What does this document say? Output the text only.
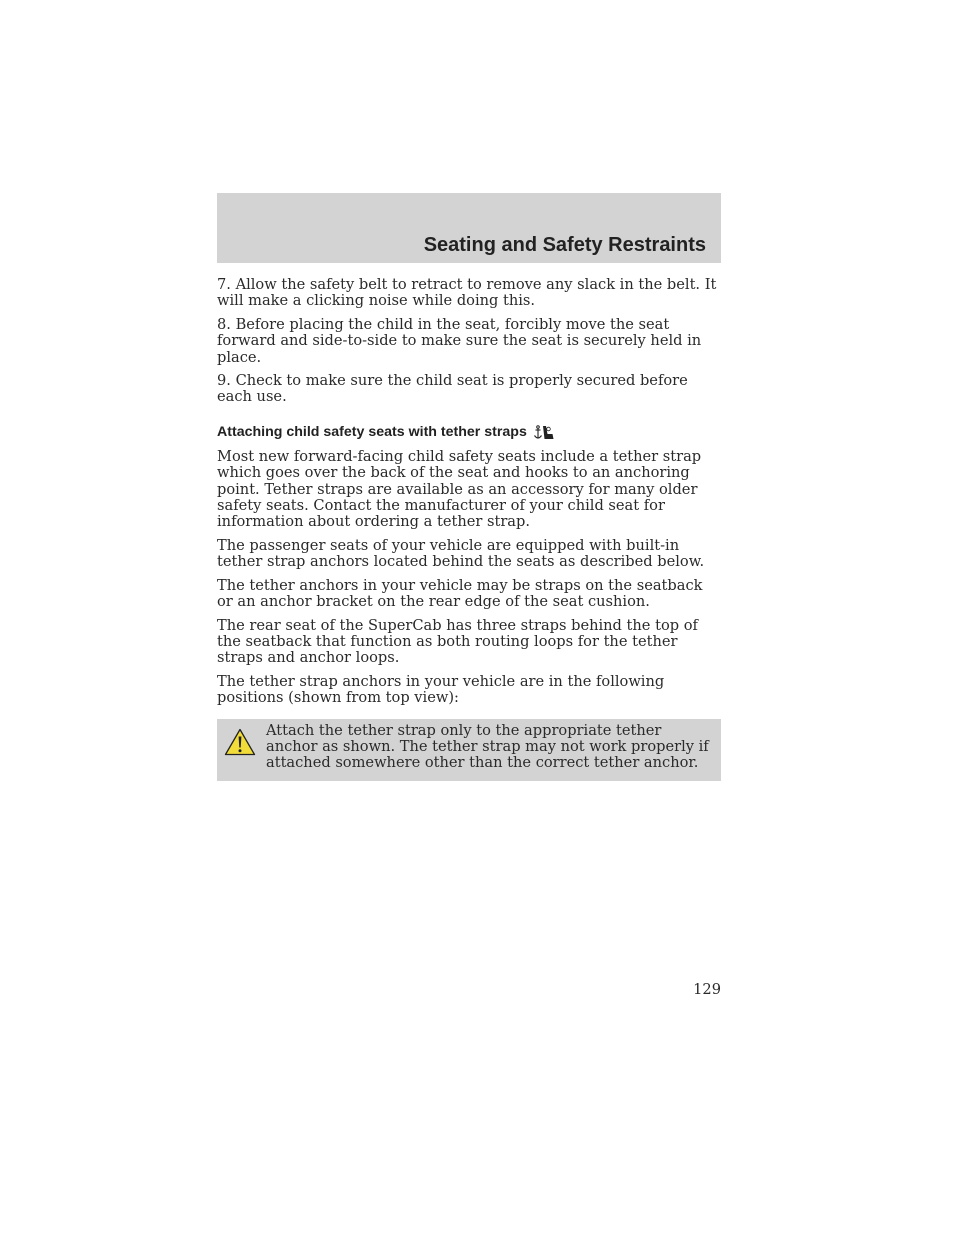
Seating and Safety Restraints

7. Allow the safety belt to retract to remove any slack in the belt. It will make a clicking noise while doing this.

8. Before placing the child in the seat, forcibly move the seat forward and side-to-side to make sure the seat is securely held in place.

9. Check to make sure the child seat is properly secured before each use.

Attaching child safety seats with tether straps

Most new forward-facing child safety seats include a tether strap which goes over the back of the seat and hooks to an anchoring point. Tether straps are available as an accessory for many older safety seats. Contact the manufacturer of your child seat for information about ordering a tether strap.

The passenger seats of your vehicle are equipped with built-in tether strap anchors located behind the seats as described below.

The tether anchors in your vehicle may be straps on the seatback or an anchor bracket on the rear edge of the seat cushion.

The rear seat of the SuperCab has three straps behind the top of the seatback that function as both routing loops for the tether straps and anchor loops.

The tether strap anchors in your vehicle are in the following positions (shown from top view):

Attach the tether strap only to the appropriate tether anchor as shown. The tether strap may not work properly if attached somewhere other than the correct tether anchor.
129
